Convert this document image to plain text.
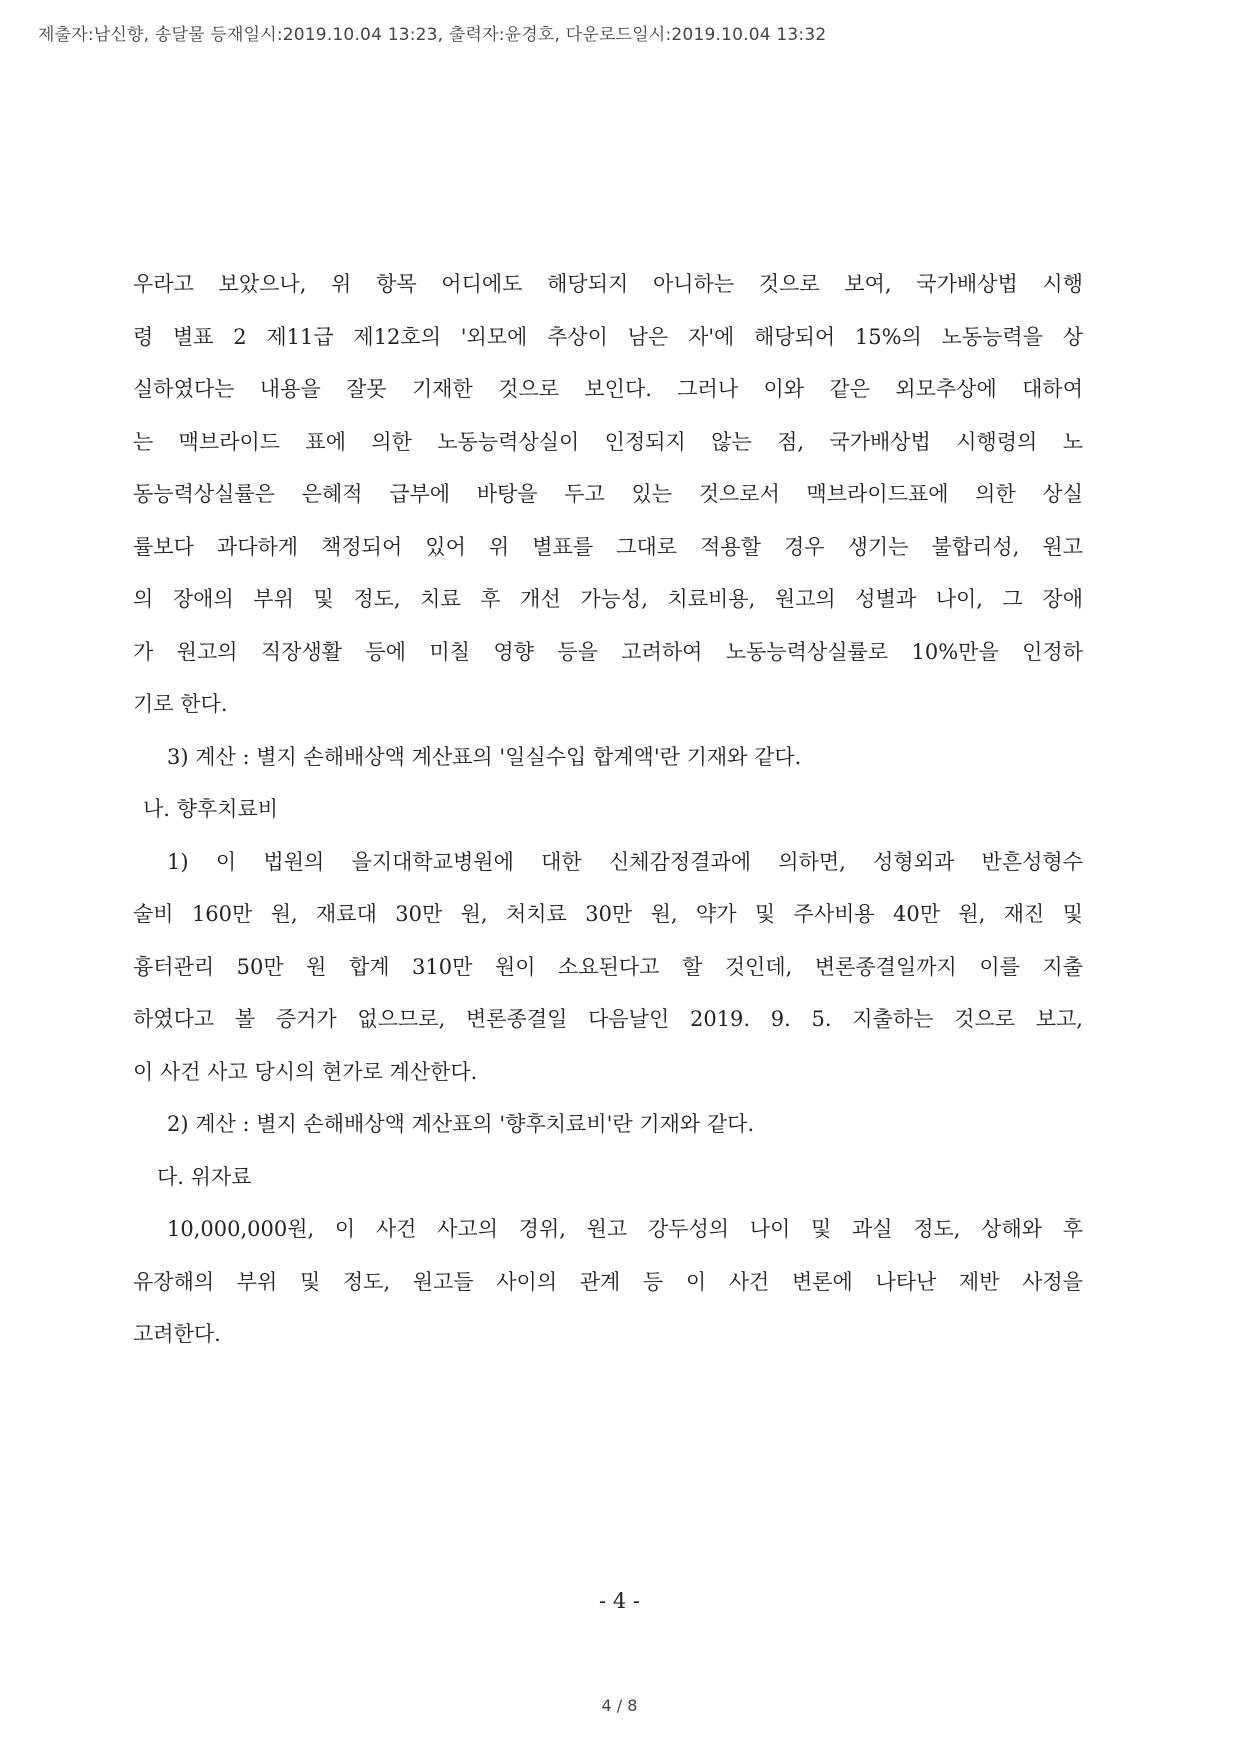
제출자:남신향, 송달물 등재일시:2019.10.04 13:23, 출력자:윤경호, 다운로드일시:2019.10.04 13:32
우라고 보았으나, 위 항목 어디에도 해당되지 아니하는 것으로 보여, 국가배상법 시행
령 별표 2 제11급 제12호의 '외모에 추상이 남은 자'에 해당되어 15%의 노동능력을 상
실하였다는 내용을 잘못 기재한 것으로 보인다. 그러나 이와 같은 외모추상에 대하여
는 맥브라이드 표에 의한 노동능력상실이 인정되지 않는 점, 국가배상법 시행령의 노
동능력상실률은 은혜적 급부에 바탕을 두고 있는 것으로서 맥브라이드표에 의한 상실
률보다 과다하게 책정되어 있어 위 별표를 그대로 적용할 경우 생기는 불합리성, 원고
의 장애의 부위 및 정도, 치료 후 개선 가능성, 치료비용, 원고의 성별과 나이, 그 장애
가 원고의 직장생활 등에 미칠 영향 등을 고려하여 노동능력상실률로 10%만을 인정하
기로 한다.
3) 계산 : 별지 손해배상액 계산표의 '일실수입 합계액'란 기재와 같다.
나. 향후치료비
1) 이 법원의 을지대학교병원에 대한 신체감정결과에 의하면, 성형외과 반흔성형수
술비 160만 원, 재료대 30만 원, 처치료 30만 원, 약가 및 주사비용 40만 원, 재진 및
흉터관리 50만 원 합계 310만 원이 소요된다고 할 것인데, 변론종결일까지 이를 지출
하였다고 볼 증거가 없으므로, 변론종결일 다음날인 2019. 9. 5. 지출하는 것으로 보고,
이 사건 사고 당시의 현가로 계산한다.
2) 계산 : 별지 손해배상액 계산표의 '향후치료비'란 기재와 같다.
다. 위자료
10,000,000원, 이 사건 사고의 경위, 원고 강두성의 나이 및 과실 정도, 상해와 후
유장해의 부위 및 정도, 원고들 사이의 관계 등 이 사건 변론에 나타난 제반 사정을
고려한다.
- 4 -
4 / 8
